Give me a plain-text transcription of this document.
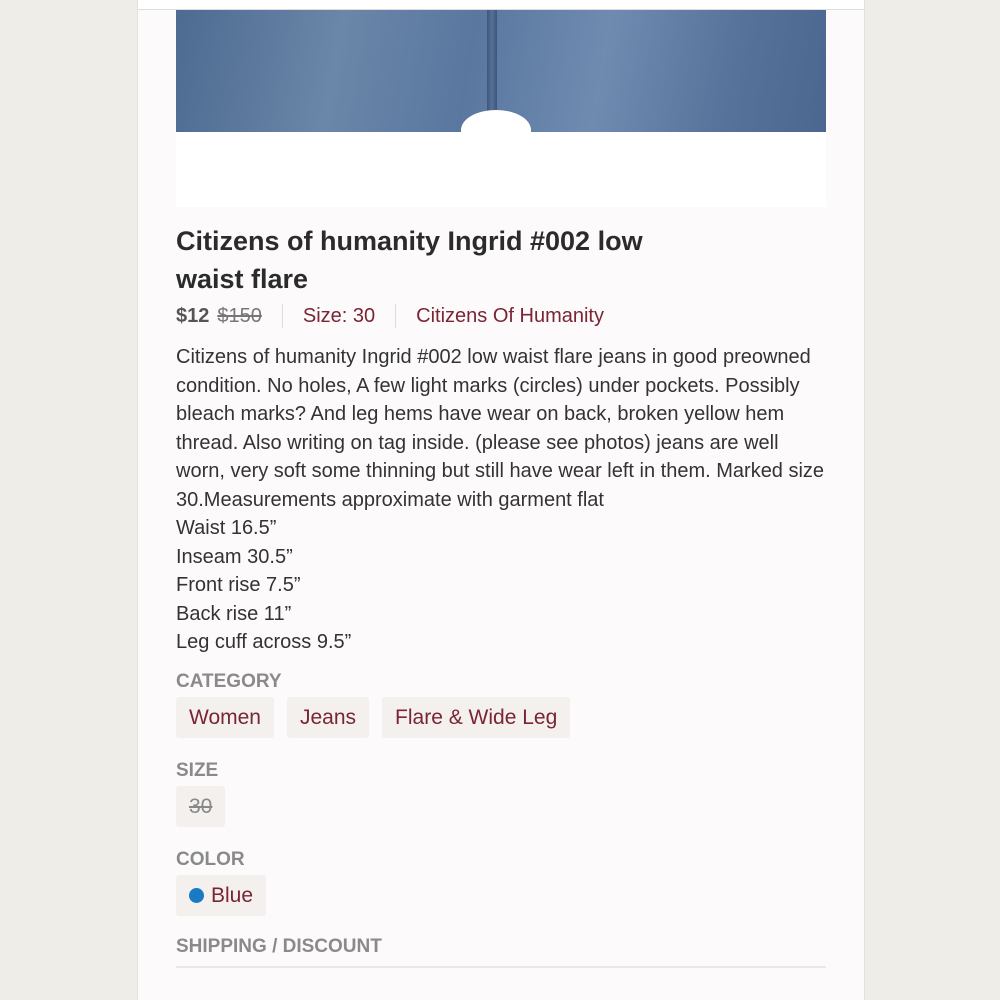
Citizens of humanity Ingrid #002 low waist flare
$12 $150 Size: 30 Citizens Of Humanity
Citizens of humanity Ingrid #002 low waist flare jeans in good preowned condition. No holes, A few light marks (circles) under pockets. Possibly bleach marks? And leg hems have wear on back, broken yellow hem thread. Also writing on tag inside. (please see photos) jeans are well worn, very soft some thinning but still have wear left in them. Marked size 30.Measurements approximate with garment flat
Waist 16.5”
Inseam 30.5”
Front rise 7.5”
Back rise 11”
Leg cuff across 9.5”
CATEGORY
Women	Jeans	Flare & Wide Leg
SIZE
30
COLOR
Blue
SHIPPING / DISCOUNT
